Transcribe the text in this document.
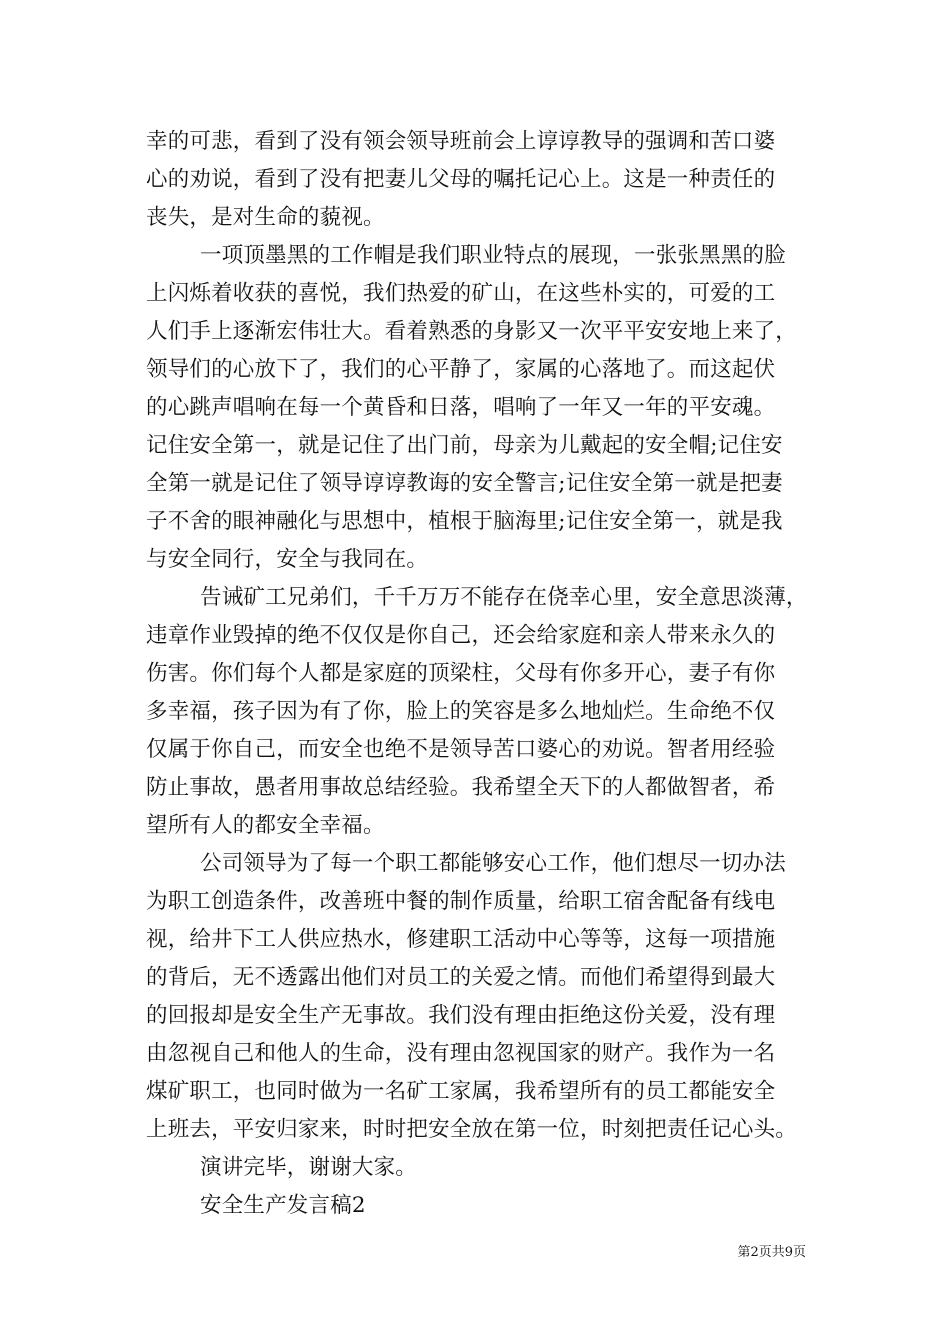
幸的可悲，看到了没有领会领导班前会上谆谆教导的强调和苦口婆
心的劝说，看到了没有把妻儿父母的嘱托记心上。这是一种责任的
丧失，是对生命的藐视。
一项顶墨黑的工作帽是我们职业特点的展现，一张张黑黑的脸
上闪烁着收获的喜悦，我们热爱的矿山，在这些朴实的，可爱的工
人们手上逐渐宏伟壮大。看着熟悉的身影又一次平平安安地上来了，
领导们的心放下了，我们的心平静了，家属的心落地了。而这起伏
的心跳声唱响在每一个黄昏和日落，唱响了一年又一年的平安魂。
记住安全第一，就是记住了出门前，母亲为儿戴起的安全帽;记住安
全第一就是记住了领导谆谆教诲的安全警言;记住安全第一就是把妻
子不舍的眼神融化与思想中，植根于脑海里;记住安全第一，就是我
与安全同行，安全与我同在。
告诫矿工兄弟们，千千万万不能存在侥幸心里，安全意思淡薄，
违章作业毁掉的绝不仅仅是你自己，还会给家庭和亲人带来永久的
伤害。你们每个人都是家庭的顶梁柱，父母有你多开心，妻子有你
多幸福，孩子因为有了你，脸上的笑容是多么地灿烂。生命绝不仅
仅属于你自己，而安全也绝不是领导苦口婆心的劝说。智者用经验
防止事故，愚者用事故总结经验。我希望全天下的人都做智者，希
望所有人的都安全幸福。
公司领导为了每一个职工都能够安心工作，他们想尽一切办法
为职工创造条件，改善班中餐的制作质量，给职工宿舍配备有线电
视，给井下工人供应热水，修建职工活动中心等等，这每一项措施
的背后，无不透露出他们对员工的关爱之情。而他们希望得到最大
的回报却是安全生产无事故。我们没有理由拒绝这份关爱，没有理
由忽视自己和他人的生命，没有理由忽视国家的财产。我作为一名
煤矿职工，也同时做为一名矿工家属，我希望所有的员工都能安全
上班去，平安归家来，时时把安全放在第一位，时刻把责任记心头。
演讲完毕，谢谢大家。
安全生产发言稿2
第2页共9页
